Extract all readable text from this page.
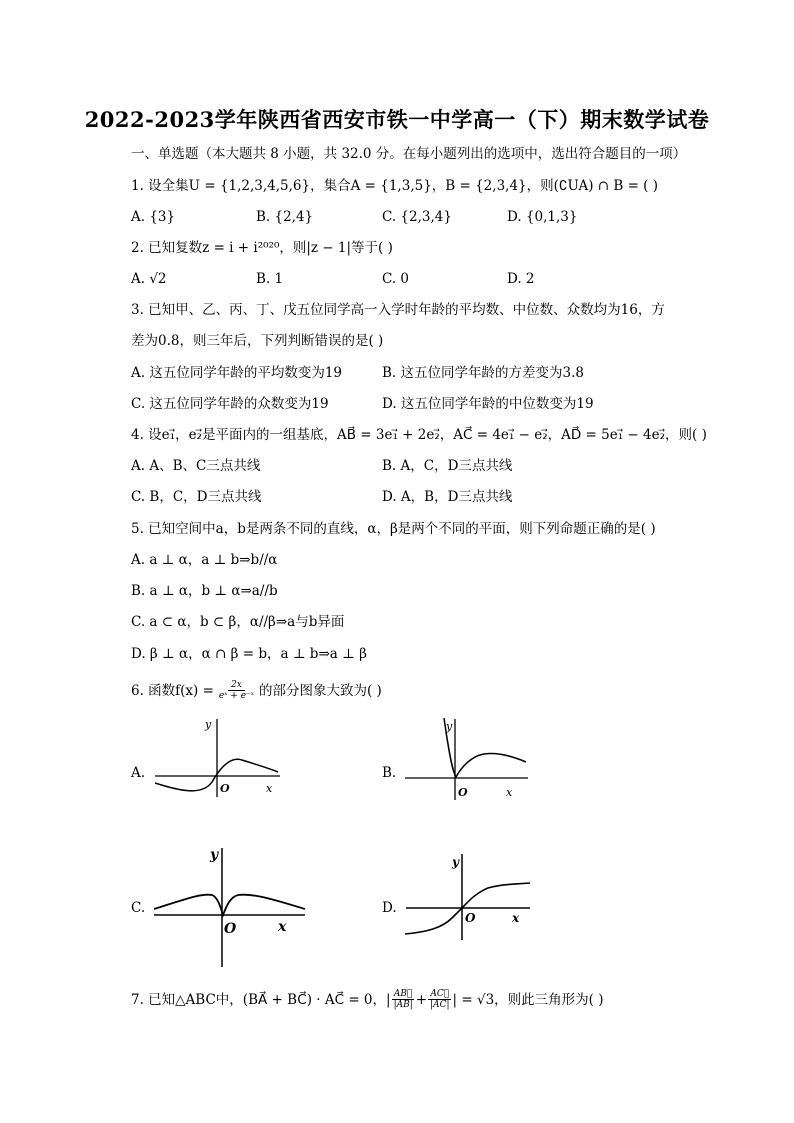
2022-2023学年陕西省西安市铁一中学高一（下）期末数学试卷
一、单选题（本大题共 8 小题，共 32.0 分。在每小题列出的选项中，选出符合题目的一项）
1. 设全集U = {1,2,3,4,5,6}，集合A = {1,3,5}，B = {2,3,4}，则(∁UA) ∩ B = ( )
A. {3}	B. {2,4}	C. {2,3,4}	D. {0,1,3}
2. 已知复数z = i + i²⁰²⁰，则|z − 1|等于( )
A. √2	B. 1	C. 0	D. 2
3. 已知甲、乙、丙、丁、戊五位同学高一入学时年龄的平均数、中位数、众数均为16，方
差为0.8，则三年后，下列判断错误的是( )
A. 这五位同学年龄的平均数变为19	B. 这五位同学年龄的方差变为3.8
C. 这五位同学年龄的众数变为19	D. 这五位同学年龄的中位数变为19
4. 设e₁⃗，e₂⃗是平面内的一组基底，AB⃗ = 3e₁⃗ + 2e₂⃗，AC⃗ = 4e₁⃗ − e₂⃗，AD⃗ = 5e₁⃗ − 4e₂⃗，则( )
A. A、B、C三点共线	B. A，C，D三点共线
C. B，C，D三点共线	D. A，B，D三点共线
5. 已知空间中a，b是两条不同的直线，α，β是两个不同的平面，则下列命题正确的是( )
A. a ⊥ α，a ⊥ b⇒b//α
B. a ⊥ α，b ⊥ α⇒a//b
C. a ⊂ α，b ⊂ β，α//β⇒a与b异面
D. β ⊥ α，α ∩ β = b，a ⊥ b⇒a ⊥ β
6. 函数$f(x) = \frac{2x}{\text{eˣ + e⁻ˣ}}$ 的部分图象大致为( )
A.
y
O	x
B.
y
O	x
C.
y
O	x
D.
y
O	x
7. 已知△ABC中，(BA⃗ + BC⃗) · AC⃗ = 0，| $\frac{AB⃗}{|AB|} + \frac{AC⃗}{|AC|}$ | = √3，则此三角形为( )
